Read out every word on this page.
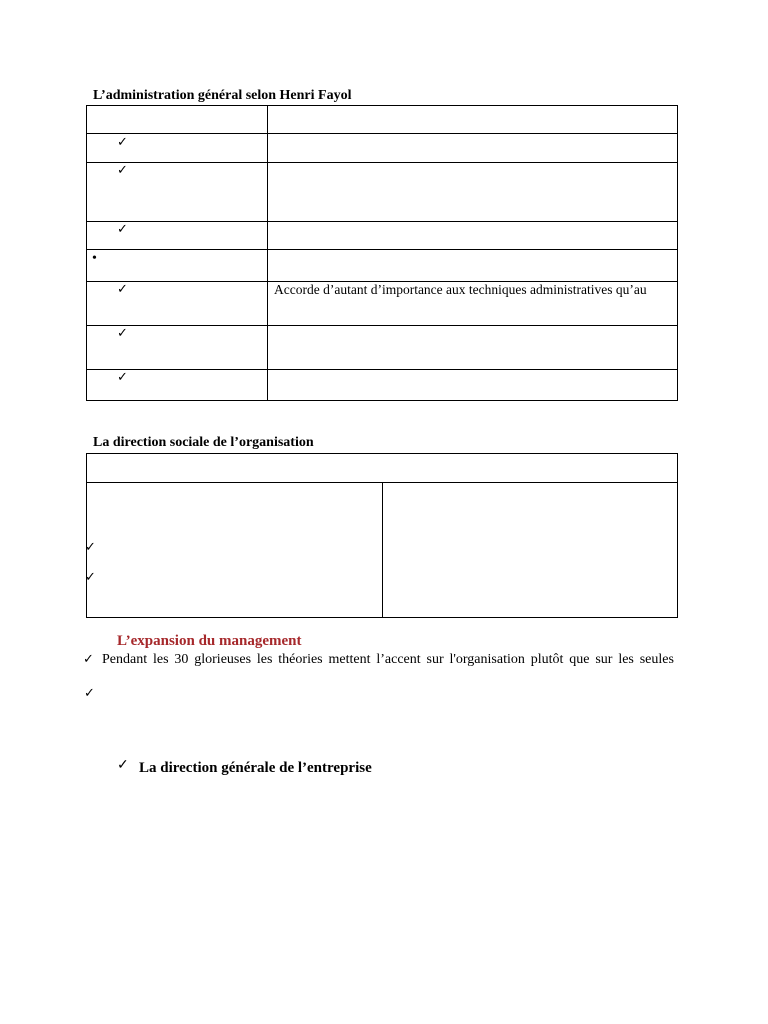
L’administration général selon Henri Fayol
✓
✓
✓
•
✓
✓
✓
Accorde d’autant d’importance aux techniques administratives qu’au
La direction sociale de l’organisation
✓
✓
L’expansion du management
✓ Pendant les 30 glorieuses les théories mettent l’accent sur l'organisation plutôt que sur les seules
✓
✓ La direction générale de l’entreprise
